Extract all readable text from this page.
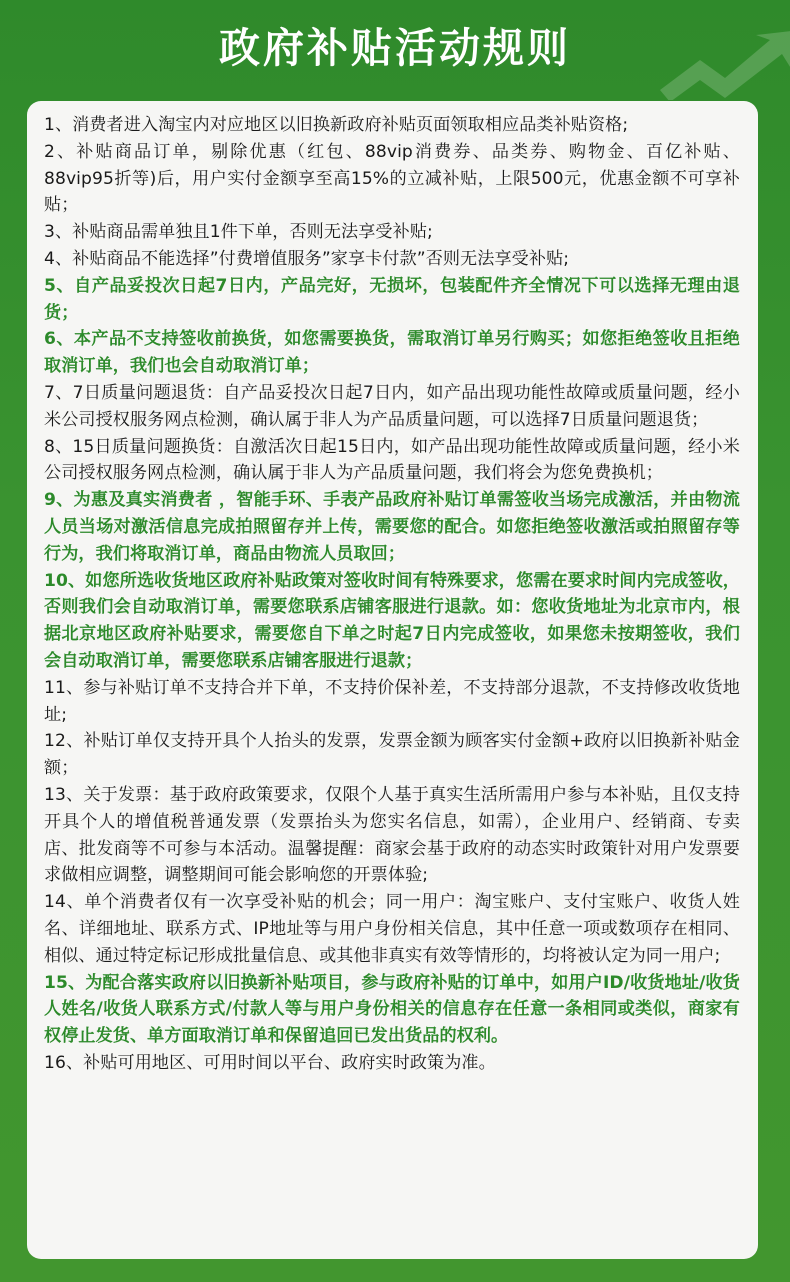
政府补贴活动规则

1、消费者进入淘宝内对应地区以旧换新政府补贴页面领取相应品类补贴资格;

2、补贴商品订单，剔除优惠（红包、88vip消费券、品类券、购物金、百亿补贴、88vip95折等)后，用户实付金额享至高15%的立减补贴，上限500元，优惠金额不可享补贴；

3、补贴商品需单独且1件下单，否则无法享受补贴;

4、补贴商品不能选择”付费增值服务”家享卡付款”否则无法享受补贴;

5、自产品妥投次日起7日内，产品完好，无损坏，包装配件齐全情况下可以选择无理由退货；

6、本产品不支持签收前换货，如您需要换货，需取消订单另行购买；如您拒绝签收且拒绝取消订单，我们也会自动取消订单；

7、7日质量问题退货：自产品妥投次日起7日内，如产品出现功能性故障或质量问题，经小米公司授权服务网点检测，确认属于非人为产品质量问题，可以选择7日质量问题退货；

8、15日质量问题换货：自激活次日起15日内，如产品出现功能性故障或质量问题，经小米公司授权服务网点检测，确认属于非人为产品质量问题，我们将会为您免费换机；

9、为惠及真实消费者 ，智能手环、手表产品政府补贴订单需签收当场完成激活，并由物流人员当场对激活信息完成拍照留存并上传，需要您的配合。如您拒绝签收激活或拍照留存等行为，我们将取消订单，商品由物流人员取回；

10、如您所选收货地区政府补贴政策对签收时间有特殊要求，您需在要求时间内完成签收，否则我们会自动取消订单，需要您联系店铺客服进行退款。如：您收货地址为北京市内，根据北京地区政府补贴要求，需要您自下单之时起7日内完成签收，如果您未按期签收，我们会自动取消订单，需要您联系店铺客服进行退款；

11、参与补贴订单不支持合并下单，不支持价保补差，不支持部分退款，不支持修改收货地址;

12、补贴订单仅支持开具个人抬头的发票，发票金额为顾客实付金额+政府以旧换新补贴金额；

13、关于发票：基于政府政策要求，仅限个人基于真实生活所需用户参与本补贴，且仅支持开具个人的增值税普通发票（发票抬头为您实名信息，如需），企业用户、经销商、专卖店、批发商等不可参与本活动。温馨提醒：商家会基于政府的动态实时政策针对用户发票要求做相应调整，调整期间可能会影响您的开票体验;

14、单个消费者仅有一次享受补贴的机会；同一用户：淘宝账户、支付宝账户、收货人姓名、详细地址、联系方式、IP地址等与用户身份相关信息，其中任意一项或数项存在相同、相似、通过特定标记形成批量信息、或其他非真实有效等情形的，均将被认定为同一用户;

15、为配合落实政府以旧换新补贴项目，参与政府补贴的订单中，如用户ID/收货地址/收货人姓名/收货人联系方式/付款人等与用户身份相关的信息存在任意一条相同或类似，商家有权停止发货、单方面取消订单和保留追回已发出货品的权利。

16、补贴可用地区、可用时间以平台、政府实时政策为准。
